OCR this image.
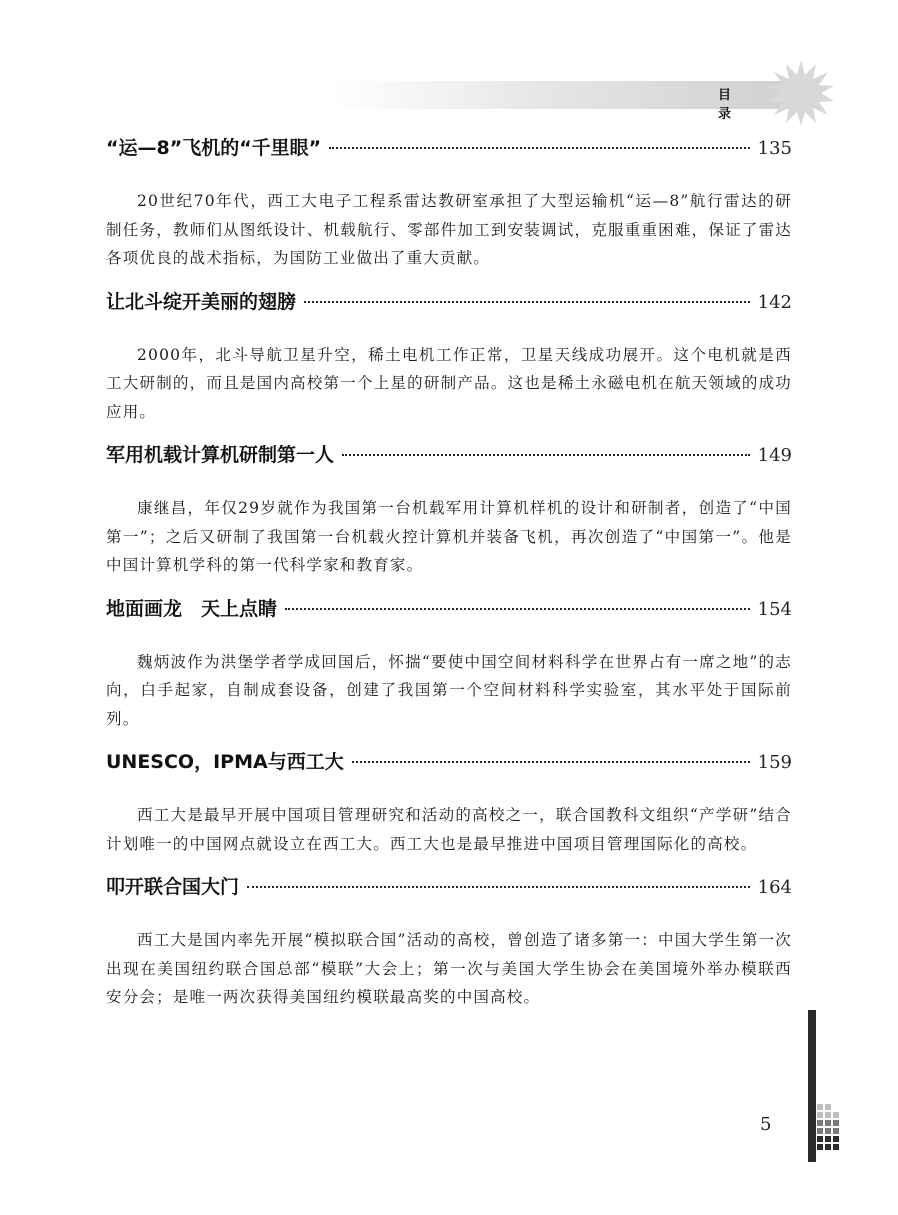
目 录
“运—8”飞机的“千里眼”	135

20世纪70年代，西工大电子工程系雷达教研室承担了大型运输机“运—8”航行雷达的研制任务，教师们从图纸设计、机载航行、零部件加工到安装调试，克服重重困难，保证了雷达各项优良的战术指标，为国防工业做出了重大贡献。

让北斗绽开美丽的翅膀	142

2000年，北斗导航卫星升空，稀土电机工作正常，卫星天线成功展开。这个电机就是西工大研制的，而且是国内高校第一个上星的研制产品。这也是稀土永磁电机在航天领域的成功应用。

军用机载计算机研制第一人	149

康继昌，年仅29岁就作为我国第一台机载军用计算机样机的设计和研制者，创造了“中国第一”；之后又研制了我国第一台机载火控计算机并装备飞机，再次创造了“中国第一”。他是中国计算机学科的第一代科学家和教育家。

地面画龙　天上点睛	154

魏炳波作为洪堡学者学成回国后，怀揣“要使中国空间材料科学在世界占有一席之地”的志向，白手起家，自制成套设备，创建了我国第一个空间材料科学实验室，其水平处于国际前列。

UNESCO，IPMA与西工大	159

西工大是最早开展中国项目管理研究和活动的高校之一，联合国教科文组织“产学研”结合计划唯一的中国网点就设立在西工大。西工大也是最早推进中国项目管理国际化的高校。

叩开联合国大门	164

西工大是国内率先开展“模拟联合国”活动的高校，曾创造了诸多第一：中国大学生第一次出现在美国纽约联合国总部“模联”大会上；第一次与美国大学生协会在美国境外举办模联西安分会；是唯一两次获得美国纽约模联最高奖的中国高校。

5
